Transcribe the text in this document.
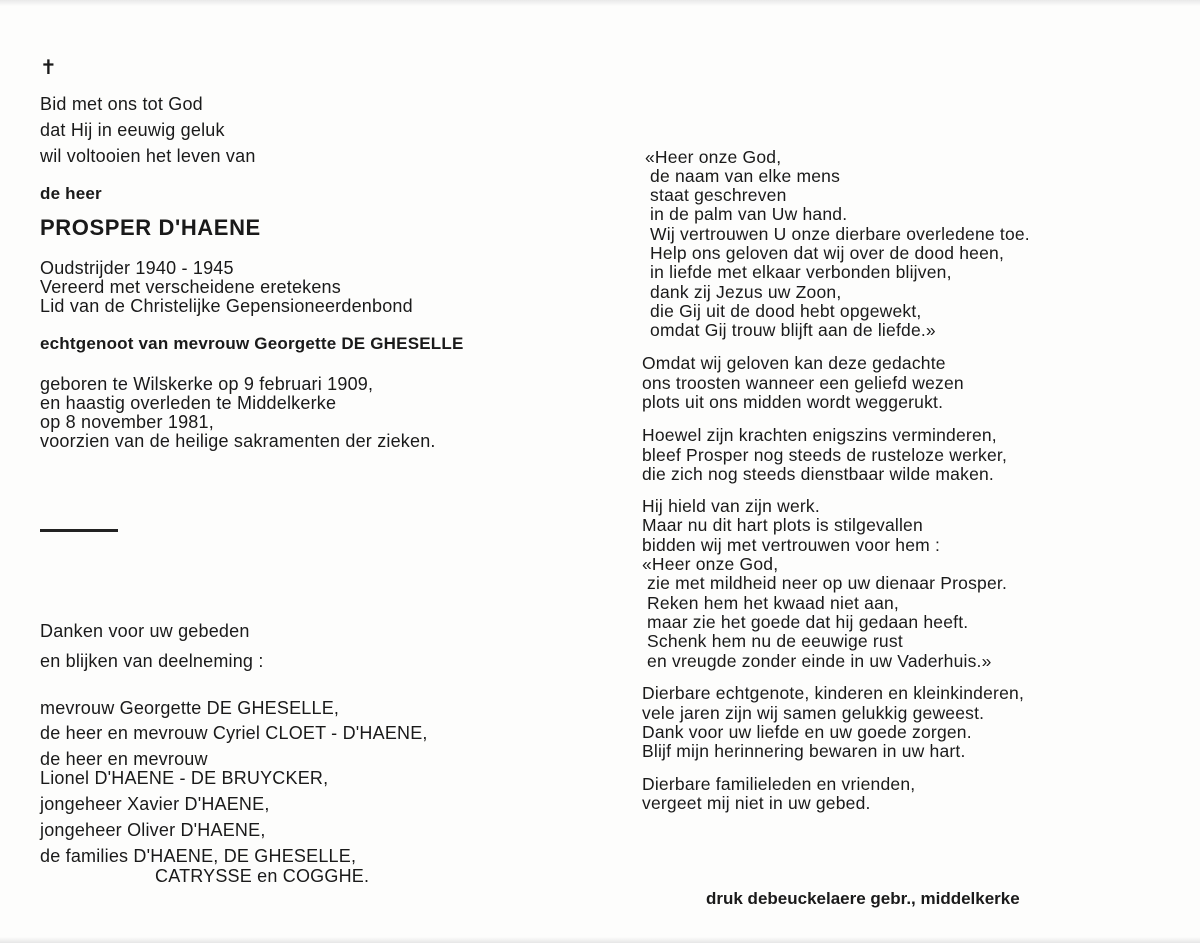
✝
Bid met ons tot God
dat Hij in eeuwig geluk
wil voltooien het leven van
de heer
PROSPER D'HAENE
Oudstrijder 1940 - 1945
Vereerd met verscheidene eretekens
Lid van de Christelijke Gepensioneerdenbond
echtgenoot van mevrouw Georgette DE GHESELLE
geboren te Wilskerke op 9 februari 1909,
en haastig overleden te Middelkerke
op 8 november 1981,
voorzien van de heilige sakramenten der zieken.
Danken voor uw gebeden
en blijken van deelneming :
mevrouw Georgette DE GHESELLE,
de heer en mevrouw Cyriel CLOET - D'HAENE,
de heer en mevrouw
Lionel D'HAENE - DE BRUYCKER,
jongeheer Xavier D'HAENE,
jongeheer Oliver D'HAENE,
de families D'HAENE, DE GHESELLE,
CATRYSSE en COGGHE.
«Heer onze God,
de naam van elke mens
staat geschreven
in de palm van Uw hand.
Wij vertrouwen U onze dierbare overledene toe.
Help ons geloven dat wij over de dood heen,
in liefde met elkaar verbonden blijven,
dank zij Jezus uw Zoon,
die Gij uit de dood hebt opgewekt,
omdat Gij trouw blijft aan de liefde.»
Omdat wij geloven kan deze gedachte
ons troosten wanneer een geliefd wezen
plots uit ons midden wordt weggerukt.
Hoewel zijn krachten enigszins verminderen,
bleef Prosper nog steeds de rusteloze werker,
die zich nog steeds dienstbaar wilde maken.
Hij hield van zijn werk.
Maar nu dit hart plots is stilgevallen
bidden wij met vertrouwen voor hem :
«Heer onze God,
zie met mildheid neer op uw dienaar Prosper.
Reken hem het kwaad niet aan,
maar zie het goede dat hij gedaan heeft.
Schenk hem nu de eeuwige rust
en vreugde zonder einde in uw Vaderhuis.»
Dierbare echtgenote, kinderen en kleinkinderen,
vele jaren zijn wij samen gelukkig geweest.
Dank voor uw liefde en uw goede zorgen.
Blijf mijn herinnering bewaren in uw hart.
Dierbare familieleden en vrienden,
vergeet mij niet in uw gebed.
druk debeuckelaere gebr., middelkerke
